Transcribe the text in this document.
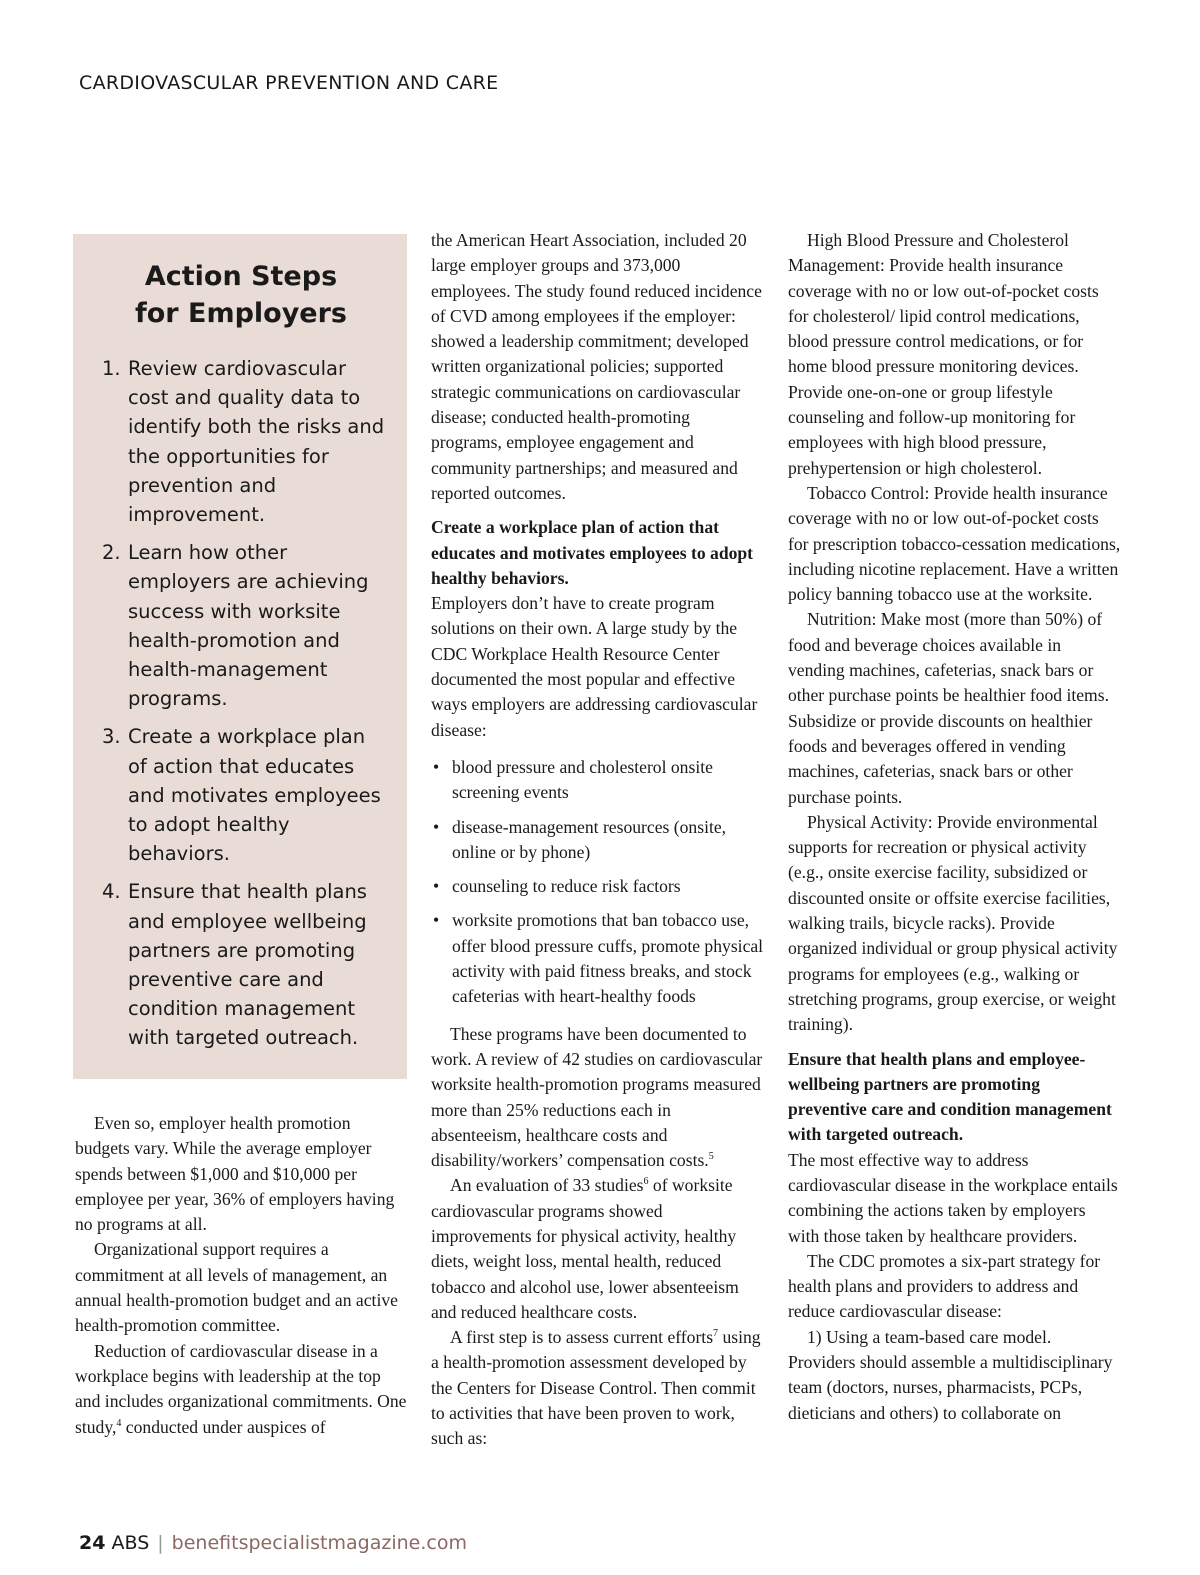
CARDIOVASCULAR PREVENTION AND CARE
Action Steps
for Employers
1. Review cardiovascular cost and quality data to identify both the risks and the opportunities for prevention and improvement.
2. Learn how other employers are achieving success with worksite health-promotion and health-management programs.
3. Create a workplace plan of action that educates and motivates employees to adopt healthy behaviors.
4. Ensure that health plans and employee wellbeing partners are promoting preventive care and condition management with targeted outreach.

Even so, employer health promotion budgets vary. While the average employer spends between $1,000 and $10,000 per employee per year, 36% of employers having no programs at all.

Organizational support requires a commitment at all levels of management, an annual health-promotion budget and an active health-promotion committee.

Reduction of cardiovascular disease in a workplace begins with leadership at the top and includes organizational commitments. One study,$^4$ conducted under auspices of

the American Heart Association, included 20 large employer groups and 373,000 employees. The study found reduced incidence of CVD among employees if the employer: showed a leadership commitment; developed written organizational policies; supported strategic communications on cardiovascular disease; conducted health-promoting programs, employee engagement and community partnerships; and measured and reported outcomes.

Create a workplace plan of action that educates and motivates employees to adopt healthy behaviors.

Employers don’t have to create program solutions on their own. A large study by the CDC Workplace Health Resource Center documented the most popular and effective ways employers are addressing cardiovascular disease:

• blood pressure and cholesterol onsite screening events
• disease-management resources (onsite, online or by phone)
• counseling to reduce risk factors
• worksite promotions that ban tobacco use, offer blood pressure cuffs, promote physical activity with paid fitness breaks, and stock cafeterias with heart-healthy foods

These programs have been documented to work. A review of 42 studies on cardiovascular worksite health-promotion programs measured more than 25% reductions each in absenteeism, healthcare costs and disability/workers’ compensation costs.$^5$

An evaluation of 33 studies$^6$ of worksite cardiovascular programs showed improvements for physical activity, healthy diets, weight loss, mental health, reduced tobacco and alcohol use, lower absenteeism and reduced healthcare costs.

A first step is to assess current efforts$^7$ using a health-promotion assessment developed by the Centers for Disease Control. Then commit to activities that have been proven to work, such as:

High Blood Pressure and Cholesterol Management: Provide health insurance coverage with no or low out-of-pocket costs for cholesterol/ lipid control medications, blood pressure control medications, or for home blood pressure monitoring devices. Provide one-on-one or group lifestyle counseling and follow-up monitoring for employees with high blood pressure, prehypertension or high cholesterol.

Tobacco Control: Provide health insurance coverage with no or low out-of-pocket costs for prescription tobacco-cessation medications, including nicotine replacement. Have a written policy banning tobacco use at the worksite.

Nutrition: Make most (more than 50%) of food and beverage choices available in vending machines, cafeterias, snack bars or other purchase points be healthier food items. Subsidize or provide discounts on healthier foods and beverages offered in vending machines, cafeterias, snack bars or other purchase points.

Physical Activity: Provide environmental supports for recreation or physical activity (e.g., onsite exercise facility, subsidized or discounted onsite or offsite exercise facilities, walking trails, bicycle racks). Provide organized individual or group physical activity programs for employees (e.g., walking or stretching programs, group exercise, or weight training).

Ensure that health plans and employee-wellbeing partners are promoting preventive care and condition management with targeted outreach.

The most effective way to address cardiovascular disease in the workplace entails combining the actions taken by employers with those taken by healthcare providers.

The CDC promotes a six-part strategy for health plans and providers to address and reduce cardiovascular disease:

1) Using a team-based care model. Providers should assemble a multidisciplinary team (doctors, nurses, pharmacists, PCPs, dieticians and others) to collaborate on

24 ABS | benefitspecialistmagazine.com
